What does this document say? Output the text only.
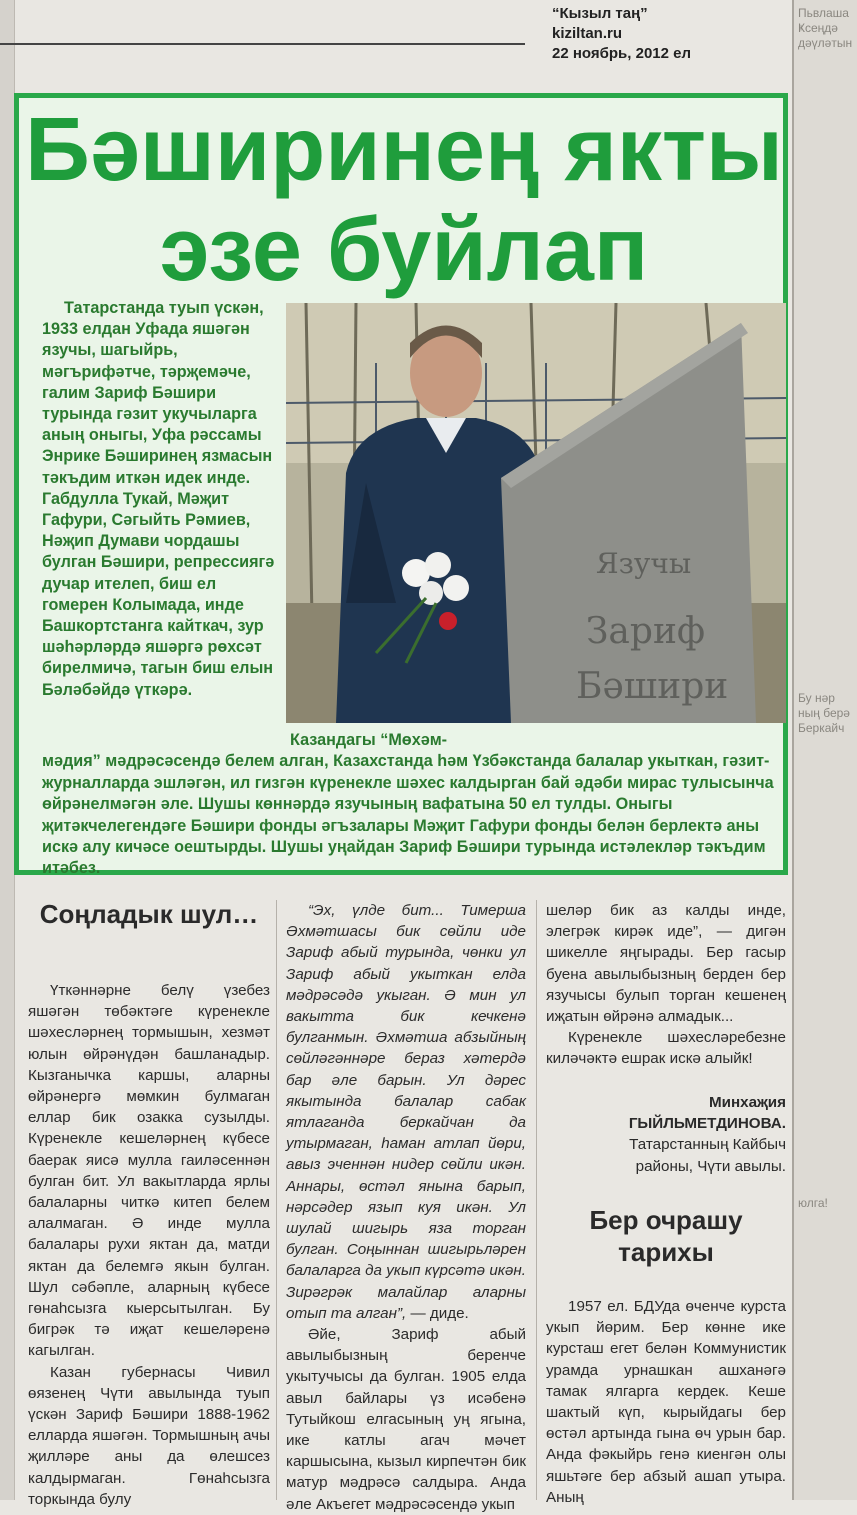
Пьвлаша
Ҝсеңдә
дәүләтын
Бу нәр
ның берә
Беркайч
юлга!
“Кызыл таң”
kiziltan.ru
22 ноябрь, 2012 ел
Бәширинең якты
эзе буйлап

Татарстанда туып үскән, 1933 елдан Уфада яшәгән язучы, шагыйрь, мәгърифәтче, тәрҗемәче, галим Зариф Бәшири турында гәзит укучыларга аның оныгы, Уфа рәссамы Энрике Бәширинең язмасын тәкъдим иткән идек инде. Габдулла Тукай, Мәҗит Гафури, Сәгыйть Рәмиев, Нәҗип Думави чордашы булган Бәшири, репрессиягә дучар ителеп, биш ел гомерен Колымада, инде Башкортстанга кайткач, зур шәһәрләрдә яшәргә рөхсәт бирелмичә, тагын биш елын Бәләбәйдә үткәрә.

Казандагы “Мөхәм-

мәдия” мәдрәсәсендә белем алган, Казахстанда һәм Үзбәкстанда балалар укыткан, гәзит-журналларда эшләгән, ил гизгән күренекле шәхес калдырган бай әдәби мирас тулысынча өйрәнелмәгән әле. Шушы көннәрдә язучының вафатына 50 ел тулды. Оныгы җитәкчелегендәге Бәшири фонды әгъзалары Мәҗит Гафури фонды белән берлектә аны искә алу кичәсе оештырды. Шушы уңайдан Зариф Бәшири турында истәлекләр тәкъдим итәбез.

Язучы
Зариф
Бәшири
Соңладык шул…

Үткәннәрне белү үзебез яшәгән төбәктәге күренекле шәхесләрнең тормышын, хезмәт юлын өйрәнүдән башланадыр. Кызганычка каршы, аларны өйрәнергә мөмкин булмаган еллар бик озакка сузылды. Күренекле кешеләрнең күбесе баерак яисә мулла гаиләсеннән булган бит. Ул вакытларда ярлы балаларны читкә китеп белем алалмаган. Ә инде мулла балалары рухи яктан да, матди яктан да белемгә якын булган. Шул сәбәпле, аларның күбесе гөнаһсызга кыерсытылган. Бу бигрәк тә иҗат кешеләренә кагылган.

Казан губернасы Чивил өязенең Чүти авылында туып үскән Зариф Бәшири 1888-1962 елларда яшәгән. Тормышның ачы җилләре аны да өлешсез калдырмаган. Гөнаһсызга торкында булу

“Эх, үлде бит... Тимерша Әхмәтшасы бик сөйли иде Зариф абый турында, чөнки ул Зариф абый укыткан елда мәдрәсәдә укыган. Ә мин ул вакытта бик кечкенә булганмын. Әхмәтша абзыйның сөйләгәннәре бераз хәтердә бар әле барын. Ул дәрес якытында балалар сабак ятлаганда беркайчан да утырмаган, һаман атлап йөри, авыз эченнән нидер сөйли икән. Аннары, өстәл янына барып, нәрсәдер язып куя икән. Ул шулай шигырь яза торган булган. Соңыннан шигырьләрен балаларга да укып күрсәтә икән. Зирәгрәк малайлар аларны отып та алган”, — диде.

Әйе, Зариф абый авылыбызның беренче укытучысы да булган. 1905 елда авыл байлары үз исәбенә Тутыйкош елгасының уң ягына, ике катлы агач мәчет каршысына, кызыл кирпечтән бик матур мәдрәсә салдыра. Анда әле Акъегет мәдрәсәсендә укып

шеләр бик аз калды инде, элегрәк кирәк иде”, — дигән шикелле яңгырады. Бер гасыр буена авылыбызның берден бер язучысы булып торган кешенең иҗатын өйрәнә алмадык...

Күренекле шәхесләребезне киләчәктә ешрак искә алыйк!

Минхаҗия
ГЫЙЛЬМЕТДИНОВА.
Татарстанның Кайбыч
районы, Чүти авылы.
Бер очрашу тарихы

1957 ел. БДУда өченче курста укып йөрим. Бер көнне ике курсташ егет белән Коммунистик урамда урнашкан ашханәгә тамак ялгарга кердек. Кеше шактый күп, кырыйдагы бер өстәл артында гына өч урын бар. Анда фәкыйрь генә киенгән олы яшьтәге бер абзый ашап утыра. Аның
